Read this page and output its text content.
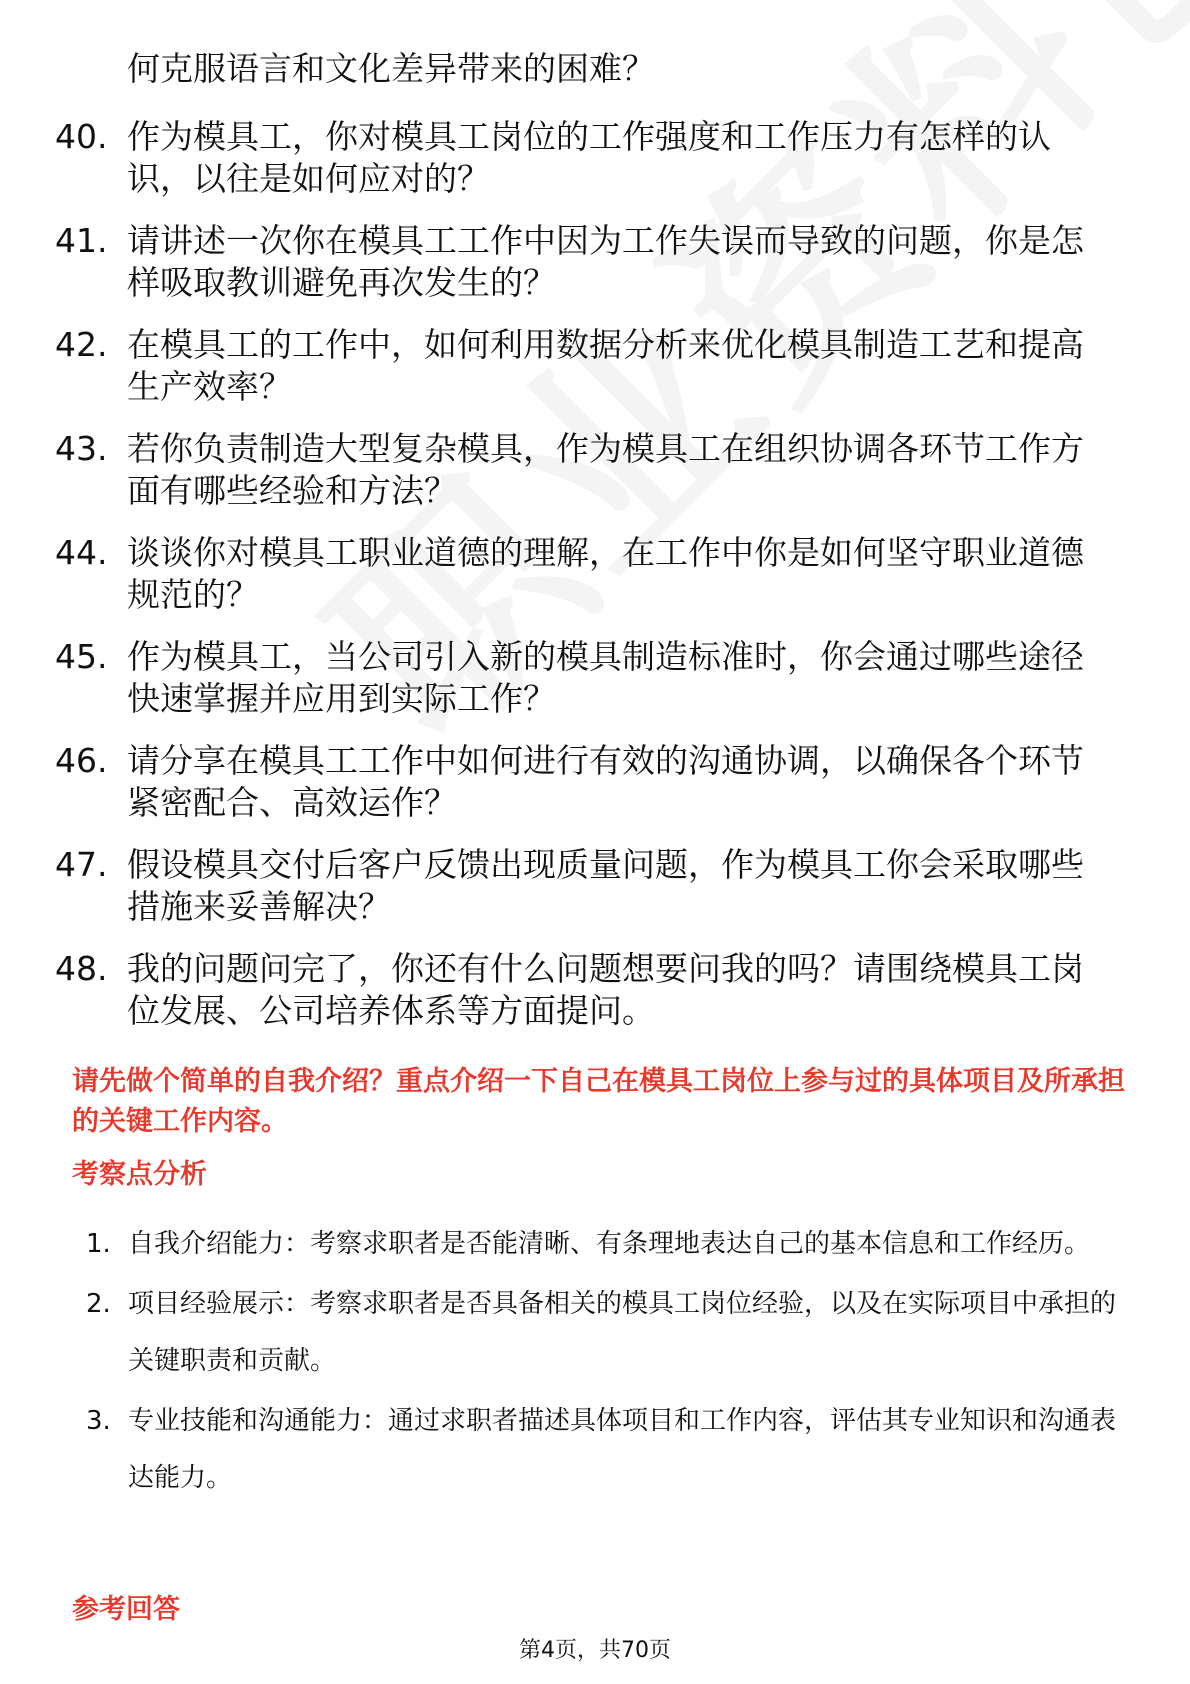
何克服语言和文化差异带来的困难？
40. 作为模具工，你对模具工岗位的工作强度和工作压力有怎样的认识，以往是如何应对的？
41. 请讲述一次你在模具工工作中因为工作失误而导致的问题，你是怎样吸取教训避免再次发生的？
42. 在模具工的工作中，如何利用数据分析来优化模具制造工艺和提高生产效率？
43. 若你负责制造大型复杂模具，作为模具工在组织协调各环节工作方面有哪些经验和方法？
44. 谈谈你对模具工职业道德的理解，在工作中你是如何坚守职业道德规范的？
45. 作为模具工，当公司引入新的模具制造标准时，你会通过哪些途径快速掌握并应用到实际工作？
46. 请分享在模具工工作中如何进行有效的沟通协调，以确保各个环节紧密配合、高效运作？
47. 假设模具交付后客户反馈出现质量问题，作为模具工你会采取哪些措施来妥善解决？
48. 我的问题问完了，你还有什么问题想要问我的吗？请围绕模具工岗位发展、公司培养体系等方面提问。
请先做个简单的自我介绍？重点介绍一下自己在模具工岗位上参与过的具体项目及所承担的关键工作内容。
考察点分析
1. 自我介绍能力：考察求职者是否能清晰、有条理地表达自己的基本信息和工作经历。
2. 项目经验展示：考察求职者是否具备相关的模具工岗位经验，以及在实际项目中承担的关键职责和贡献。
3. 专业技能和沟通能力：通过求职者描述具体项目和工作内容，评估其专业知识和沟通表达能力。
参考回答
第4页，共70页
